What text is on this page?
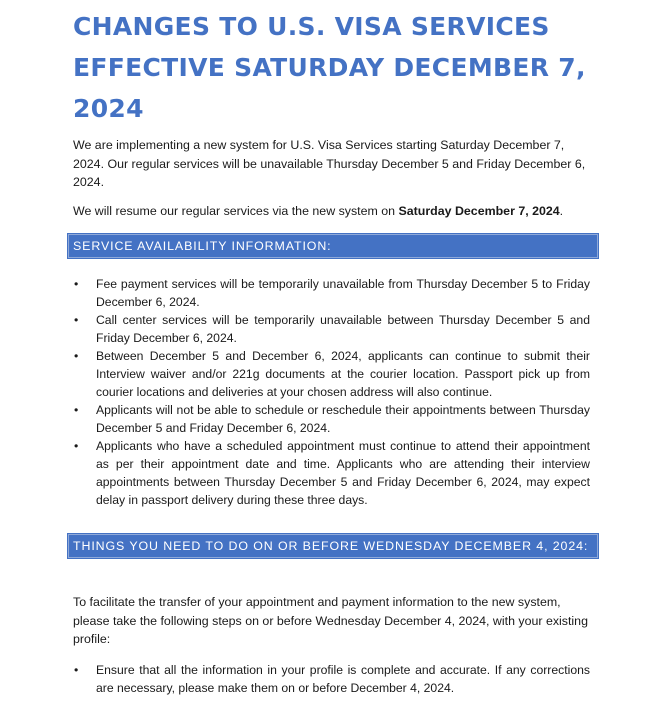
CHANGES TO U.S. VISA SERVICES EFFECTIVE SATURDAY DECEMBER 7, 2024

We are implementing a new system for U.S. Visa Services starting Saturday December 7, 2024. Our regular services will be unavailable Thursday December 5 and Friday December 6, 2024.

We will resume our regular services via the new system on Saturday December 7, 2024.

SERVICE AVAILABILITY INFORMATION:
• Fee payment services will be temporarily unavailable from Thursday December 5 to Friday December 6, 2024.
• Call center services will be temporarily unavailable between Thursday December 5 and Friday December 6, 2024.
• Between December 5 and December 6, 2024, applicants can continue to submit their Interview waiver and/or 221g documents at the courier location. Passport pick up from courier locations and deliveries at your chosen address will also continue.
• Applicants will not be able to schedule or reschedule their appointments between Thursday December 5 and Friday December 6, 2024.
• Applicants who have a scheduled appointment must continue to attend their appointment as per their appointment date and time. Applicants who are attending their interview appointments between Thursday December 5 and Friday December 6, 2024, may expect delay in passport delivery during these three days.
THINGS YOU NEED TO DO ON OR BEFORE WEDNESDAY DECEMBER 4, 2024:

To facilitate the transfer of your appointment and payment information to the new system, please take the following steps on or before Wednesday December 4, 2024, with your existing profile:

• Ensure that all the information in your profile is complete and accurate. If any corrections are necessary, please make them on or before December 4, 2024.
